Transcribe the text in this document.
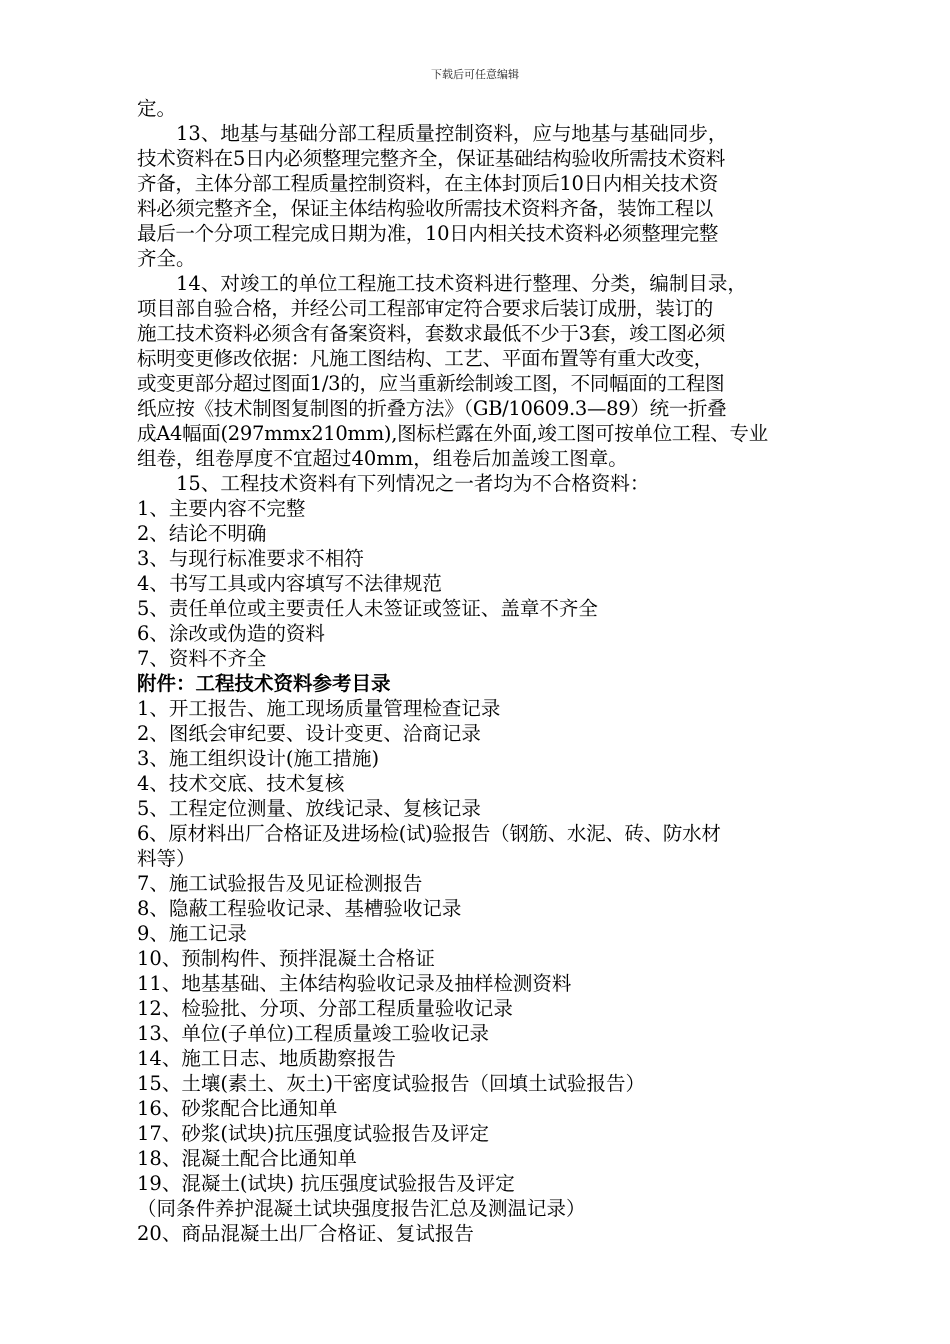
下载后可任意编辑

定。

13、地基与基础分部工程质量控制资料，应与地基与基础同步，

技术资料在5日内必须整理完整齐全，保证基础结构验收所需技术资料

齐备，主体分部工程质量控制资料，在主体封顶后10日内相关技术资

料必须完整齐全，保证主体结构验收所需技术资料齐备，装饰工程以

最后一个分项工程完成日期为准，10日内相关技术资料必须整理完整

齐全。

14、对竣工的单位工程施工技术资料进行整理、分类，编制目录，

项目部自验合格，并经公司工程部审定符合要求后装订成册，装订的

施工技术资料必须含有备案资料，套数求最低不少于3套，竣工图必须

标明变更修改依据：凡施工图结构、工艺、平面布置等有重大改变，

或变更部分超过图面1/3的，应当重新绘制竣工图，不同幅面的工程图

纸应按《技术制图复制图的折叠方法》（GB/10609.3—89）统一折叠

成A4幅面(297mmx210mm),图标栏露在外面,竣工图可按单位工程、专业

组卷，组卷厚度不宜超过40mm，组卷后加盖竣工图章。

15、工程技术资料有下列情况之一者均为不合格资料：

1、主要内容不完整

2、结论不明确

3、与现行标准要求不相符

4、书写工具或内容填写不法律规范

5、责任单位或主要责任人未签证或签证、盖章不齐全

6、涂改或伪造的资料

7、资料不齐全

附件：工程技术资料参考目录

1、开工报告、施工现场质量管理检查记录

2、图纸会审纪要、设计变更、洽商记录

3、施工组织设计(施工措施)

4、技术交底、技术复核

5、工程定位测量、放线记录、复核记录

6、原材料出厂合格证及进场检(试)验报告（钢筋、水泥、砖、防水材

料等）

7、施工试验报告及见证检测报告

8、隐蔽工程验收记录、基槽验收记录

9、施工记录

10、预制构件、预拌混凝土合格证

11、地基基础、主体结构验收记录及抽样检测资料

12、检验批、分项、分部工程质量验收记录

13、单位(子单位)工程质量竣工验收记录

14、施工日志、地质勘察报告

15、土壤(素土、灰土)干密度试验报告（回填土试验报告）

16、砂浆配合比通知单

17、砂浆(试块)抗压强度试验报告及评定

18、混凝土配合比通知单

19、混凝土(试块) 抗压强度试验报告及评定

（同条件养护混凝土试块强度报告汇总及测温记录）

20、商品混凝土出厂合格证、复试报告
